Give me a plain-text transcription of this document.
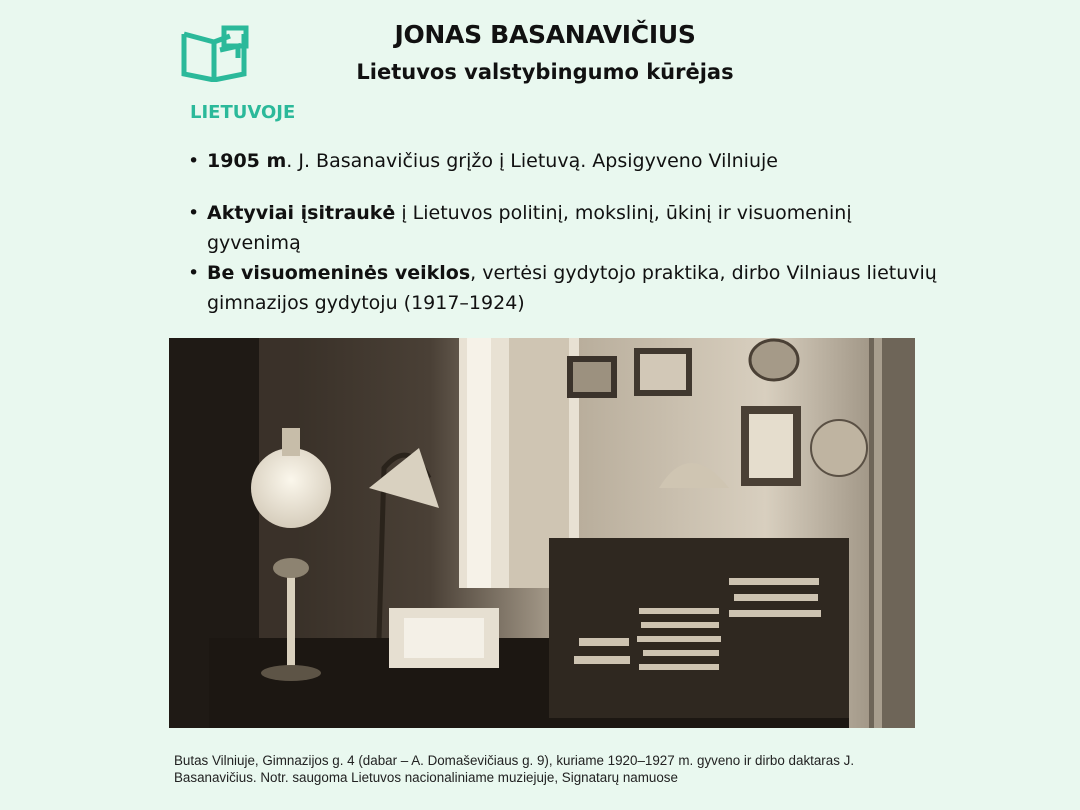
JONAS BASANAVIČIUS
Lietuvos valstybingumo kūrėjas
LIETUVOJE
• 1905 m. J. Basanavičius grįžo į Lietuvą. Apsigyveno Vilniuje
• Aktyviai įsitraukė į Lietuvos politinį, mokslinį, ūkinį ir visuomeninį gyvenimą
• Be visuomeninės veiklos, vertėsi gydytojo praktika, dirbo Vilniaus lietuvių gimnazijos gydytoju (1917–1924)
Butas Vilniuje, Gimnazijos g. 4 (dabar – A. Domaševičiaus g. 9), kuriame 1920–1927 m. gyveno ir dirbo daktaras J. Basanavičius. Notr. saugoma Lietuvos nacionaliniame muziejuje, Signatarų namuose
